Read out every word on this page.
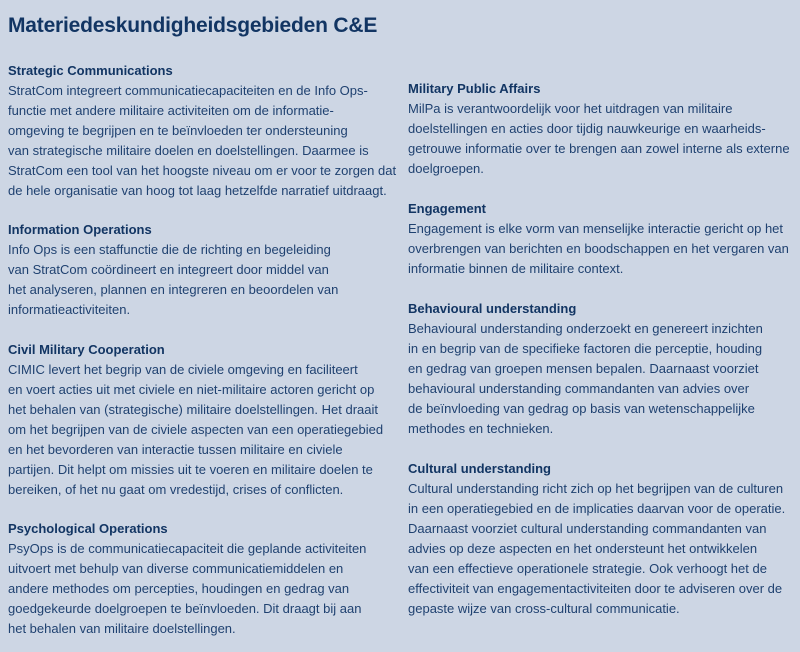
Materiedeskundigheidsgebieden C&E
Strategic Communications

StratCom integreert communicatiecapaciteiten en de Info Ops-
functie met andere militaire activiteiten om de informatie-
omgeving te begrijpen en te beïnvloeden ter ondersteuning
van strategische militaire doelen en doelstellingen. Daarmee is
StratCom een tool van het hoogste niveau om er voor te zorgen dat
de hele organisatie van hoog tot laag hetzelfde narratief uitdraagt.

Information Operations

Info Ops is een staffunctie die de richting en begeleiding
van StratCom coördineert en integreert door middel van
het analyseren, plannen en integreren en beoordelen van
informatieactiviteiten.

Civil Military Cooperation

CIMIC levert het begrip van de civiele omgeving en faciliteert
en voert acties uit met civiele en niet-militaire actoren gericht op
het behalen van (strategische) militaire doelstellingen. Het draait
om het begrijpen van de civiele aspecten van een operatiegebied
en het bevorderen van interactie tussen militaire en civiele
partijen. Dit helpt om missies uit te voeren en militaire doelen te
bereiken, of het nu gaat om vredestijd, crises of conflicten.

Psychological Operations

PsyOps is de communicatiecapaciteit die geplande activiteiten
uitvoert met behulp van diverse communicatiemiddelen en
andere methodes om percepties, houdingen en gedrag van
goedgekeurde doelgroepen te beïnvloeden. Dit draagt bij aan
het behalen van militaire doelstellingen.

Military Public Affairs

MilPa is verantwoordelijk voor het uitdragen van militaire
doelstellingen en acties door tijdig nauwkeurige en waarheids-
getrouwe informatie over te brengen aan zowel interne als externe
doelgroepen.

Engagement

Engagement is elke vorm van menselijke interactie gericht op het
overbrengen van berichten en boodschappen en het vergaren van
informatie binnen de militaire context.

Behavioural understanding

Behavioural understanding onderzoekt en genereert inzichten
in en begrip van de specifieke factoren die perceptie, houding
en gedrag van groepen mensen bepalen. Daarnaast voorziet
behavioural understanding commandanten van advies over
de beïnvloeding van gedrag op basis van wetenschappelijke
methodes en technieken.

Cultural understanding

Cultural understanding richt zich op het begrijpen van de culturen
in een operatiegebied en de implicaties daarvan voor de operatie.
Daarnaast voorziet cultural understanding commandanten van
advies op deze aspecten en het ondersteunt het ontwikkelen
van een effectieve operationele strategie. Ook verhoogt het de
effectiviteit van engagementactiviteiten door te adviseren over de
gepaste wijze van cross-cultural communicatie.
